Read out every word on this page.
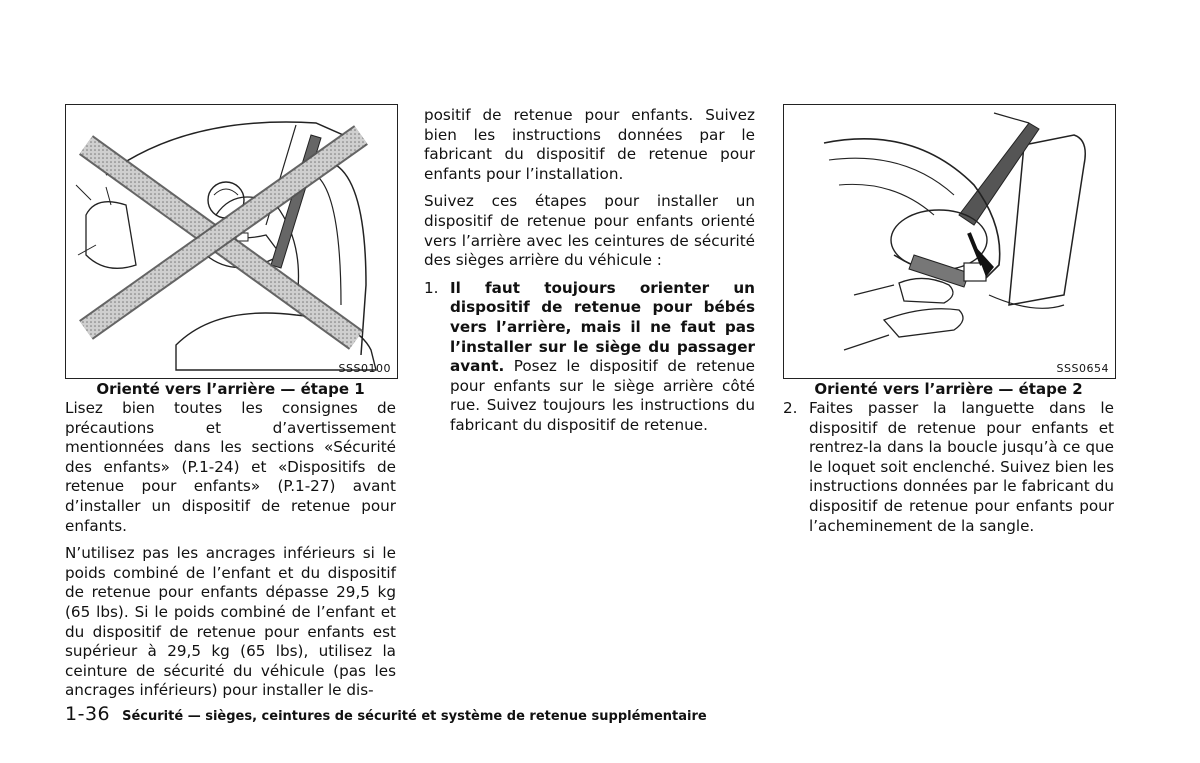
SSS0100
Orienté vers l’arrière — étape 1
SSS0654
Orienté vers l’arrière — étape 2

Lisez bien toutes les consignes de précautions et d’avertissement mentionnées dans les sections «Sécurité des enfants» (P.1-24) et «Dispositifs de retenue pour enfants» (P.1-27) avant d’installer un dispositif de retenue pour enfants.

N’utilisez pas les ancrages inférieurs si le poids combiné de l’enfant et du dispositif de retenue pour enfants dépasse 29,5 kg (65 lbs). Si le poids combiné de l’enfant et du dispositif de retenue pour enfants est supérieur à 29,5 kg (65 lbs), utilisez la ceinture de sécurité du véhicule (pas les ancrages inférieurs) pour installer le dis-

positif de retenue pour enfants. Suivez bien les instructions données par le fabricant du dispositif de retenue pour enfants pour l’installation.

Suivez ces étapes pour installer un dispositif de retenue pour enfants orienté vers l’arrière avec les ceintures de sécurité des sièges arrière du véhicule :

1. Il faut toujours orienter un dispositif de retenue pour bébés vers l’arrière, mais il ne faut pas l’installer sur le siège du passager avant. Posez le dispositif de retenue pour enfants sur le siège arrière côté rue. Suivez toujours les instructions du fabricant du dispositif de retenue.
2. Faites passer la languette dans le dispositif de retenue pour enfants et rentrez-la dans la boucle jusqu’à ce que le loquet soit enclenché. Suivez bien les instructions données par le fabricant du dispositif de retenue pour enfants pour l’acheminement de la sangle.
1-36 Sécurité — sièges, ceintures de sécurité et système de retenue supplémentaire
